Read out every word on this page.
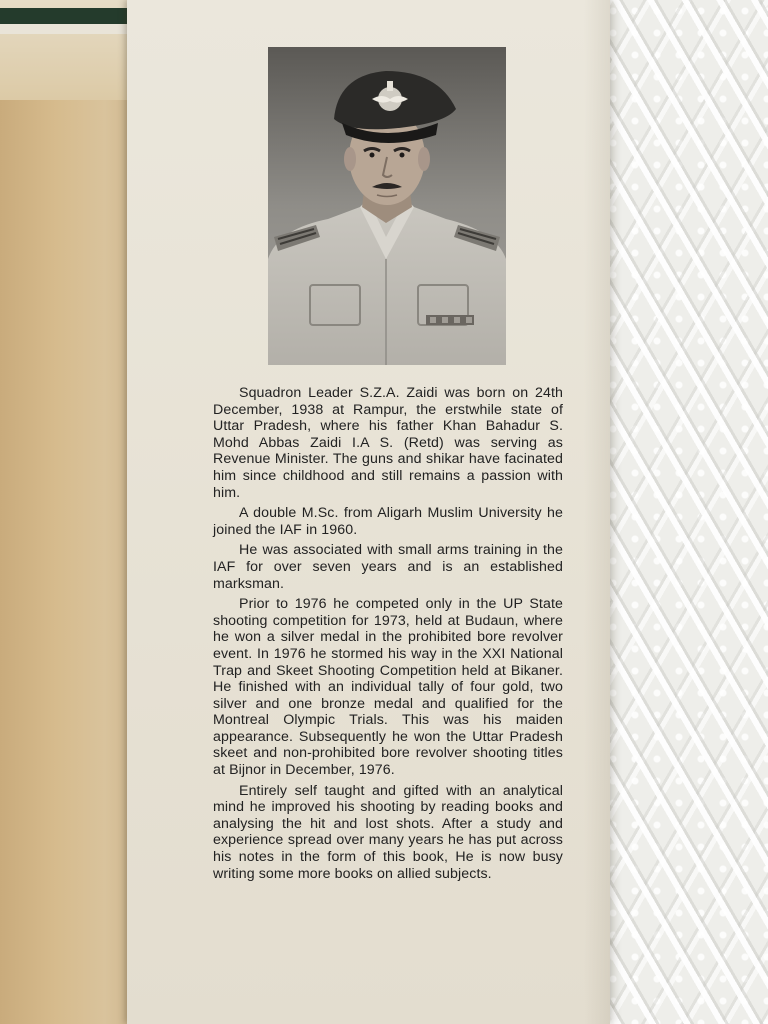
Squadron Leader S.Z.A. Zaidi was born on 24th December, 1938 at Rampur, the erstwhile state of Uttar Pradesh, where his father Khan Bahadur S. Mohd Abbas Zaidi I.A S. (Retd) was serving as Revenue Minister. The guns and shikar have facinated him since childhood and still remains a passion with him.

A double M.Sc. from Aligarh Muslim University he joined the IAF in 1960.

He was associated with small arms training in the IAF for over seven years and is an established marksman.

Prior to 1976 he competed only in the UP State shooting competition for 1973, held at Budaun, where he won a silver medal in the prohibited bore revolver event. In 1976 he stormed his way in the XXI National Trap and Skeet Shooting Competition held at Bikaner. He finished with an individual tally of four gold, two silver and one bronze medal and qualified for the Montreal Olympic Trials. This was his maiden appearance. Subsequently he won the Uttar Pradesh skeet and non-prohibited bore revolver shooting titles at Bijnor in December, 1976.

Entirely self taught and gifted with an analytical mind he improved his shooting by reading books and analysing the hit and lost shots. After a study and experience spread over many years he has put across his notes in the form of this book, He is now busy writing some more books on allied subjects.
